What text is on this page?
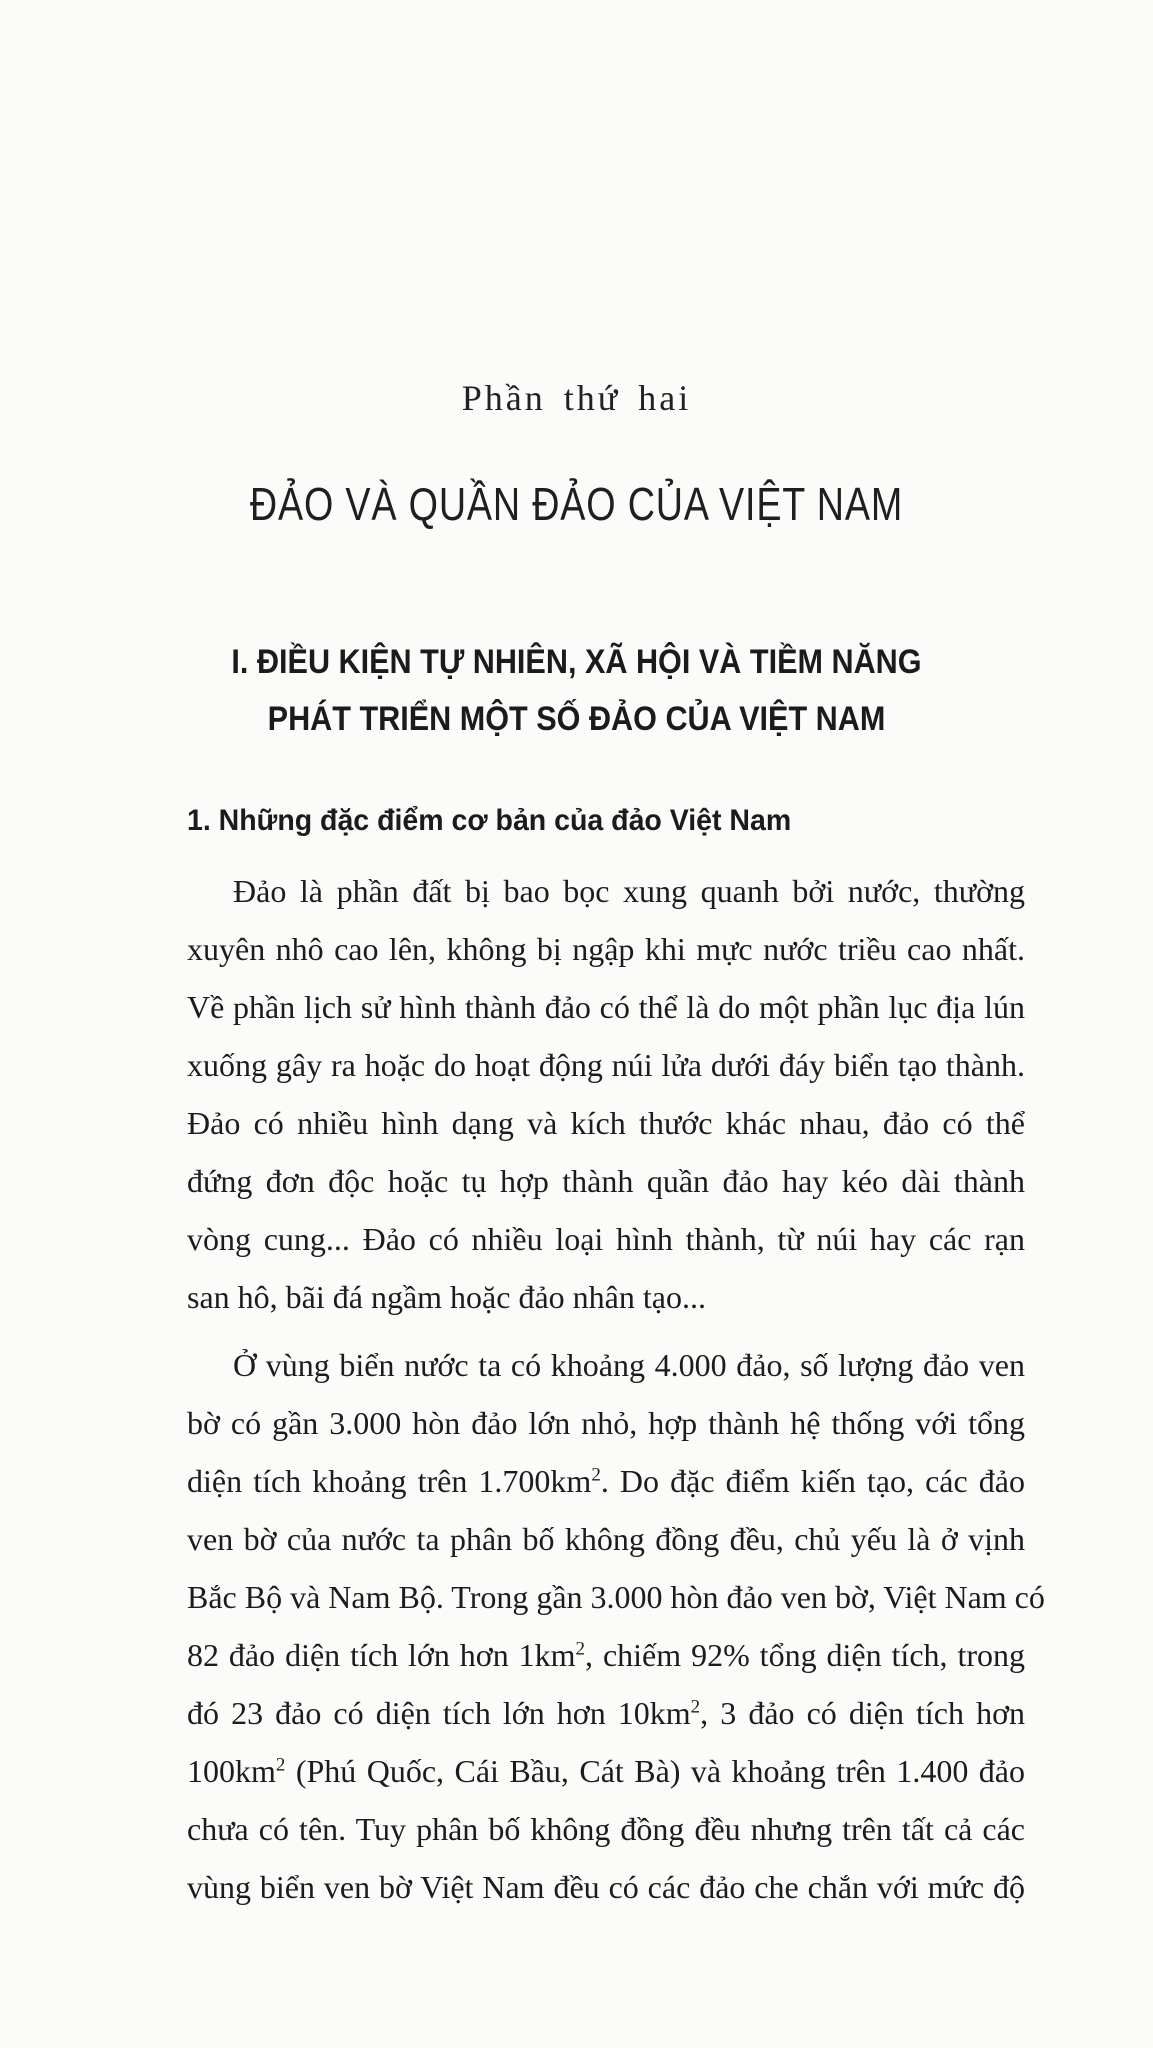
Phần thứ hai
ĐẢO VÀ QUẦN ĐẢO CỦA VIỆT NAM
I. ĐIỀU KIỆN TỰ NHIÊN, XÃ HỘI VÀ TIỀM NĂNG
PHÁT TRIỂN MỘT SỐ ĐẢO CỦA VIỆT NAM
1. Những đặc điểm cơ bản của đảo Việt Nam
Đảo là phần đất bị bao bọc xung quanh bởi nước, thường
xuyên nhô cao lên, không bị ngập khi mực nước triều cao nhất.
Về phần lịch sử hình thành đảo có thể là do một phần lục địa lún
xuống gây ra hoặc do hoạt động núi lửa dưới đáy biển tạo thành.
Đảo có nhiều hình dạng và kích thước khác nhau, đảo có thể
đứng đơn độc hoặc tụ hợp thành quần đảo hay kéo dài thành
vòng cung... Đảo có nhiều loại hình thành, từ núi hay các rạn
san hô, bãi đá ngầm hoặc đảo nhân tạo...
Ở vùng biển nước ta có khoảng 4.000 đảo, số lượng đảo ven
bờ có gần 3.000 hòn đảo lớn nhỏ, hợp thành hệ thống với tổng
diện tích khoảng trên $1.700km^2$. Do đặc điểm kiến tạo, các đảo
ven bờ của nước ta phân bố không đồng đều, chủ yếu là ở vịnh
Bắc Bộ và Nam Bộ. Trong gần 3.000 hòn đảo ven bờ, Việt Nam có
82 đảo diện tích lớn hơn $1km^2$, chiếm 92% tổng diện tích, trong
đó 23 đảo có diện tích lớn hơn $10km^2$, 3 đảo có diện tích hơn
$100km^2$ (Phú Quốc, Cái Bầu, Cát Bà) và khoảng trên 1.400 đảo
chưa có tên. Tuy phân bố không đồng đều nhưng trên tất cả các
vùng biển ven bờ Việt Nam đều có các đảo che chắn với mức độ
